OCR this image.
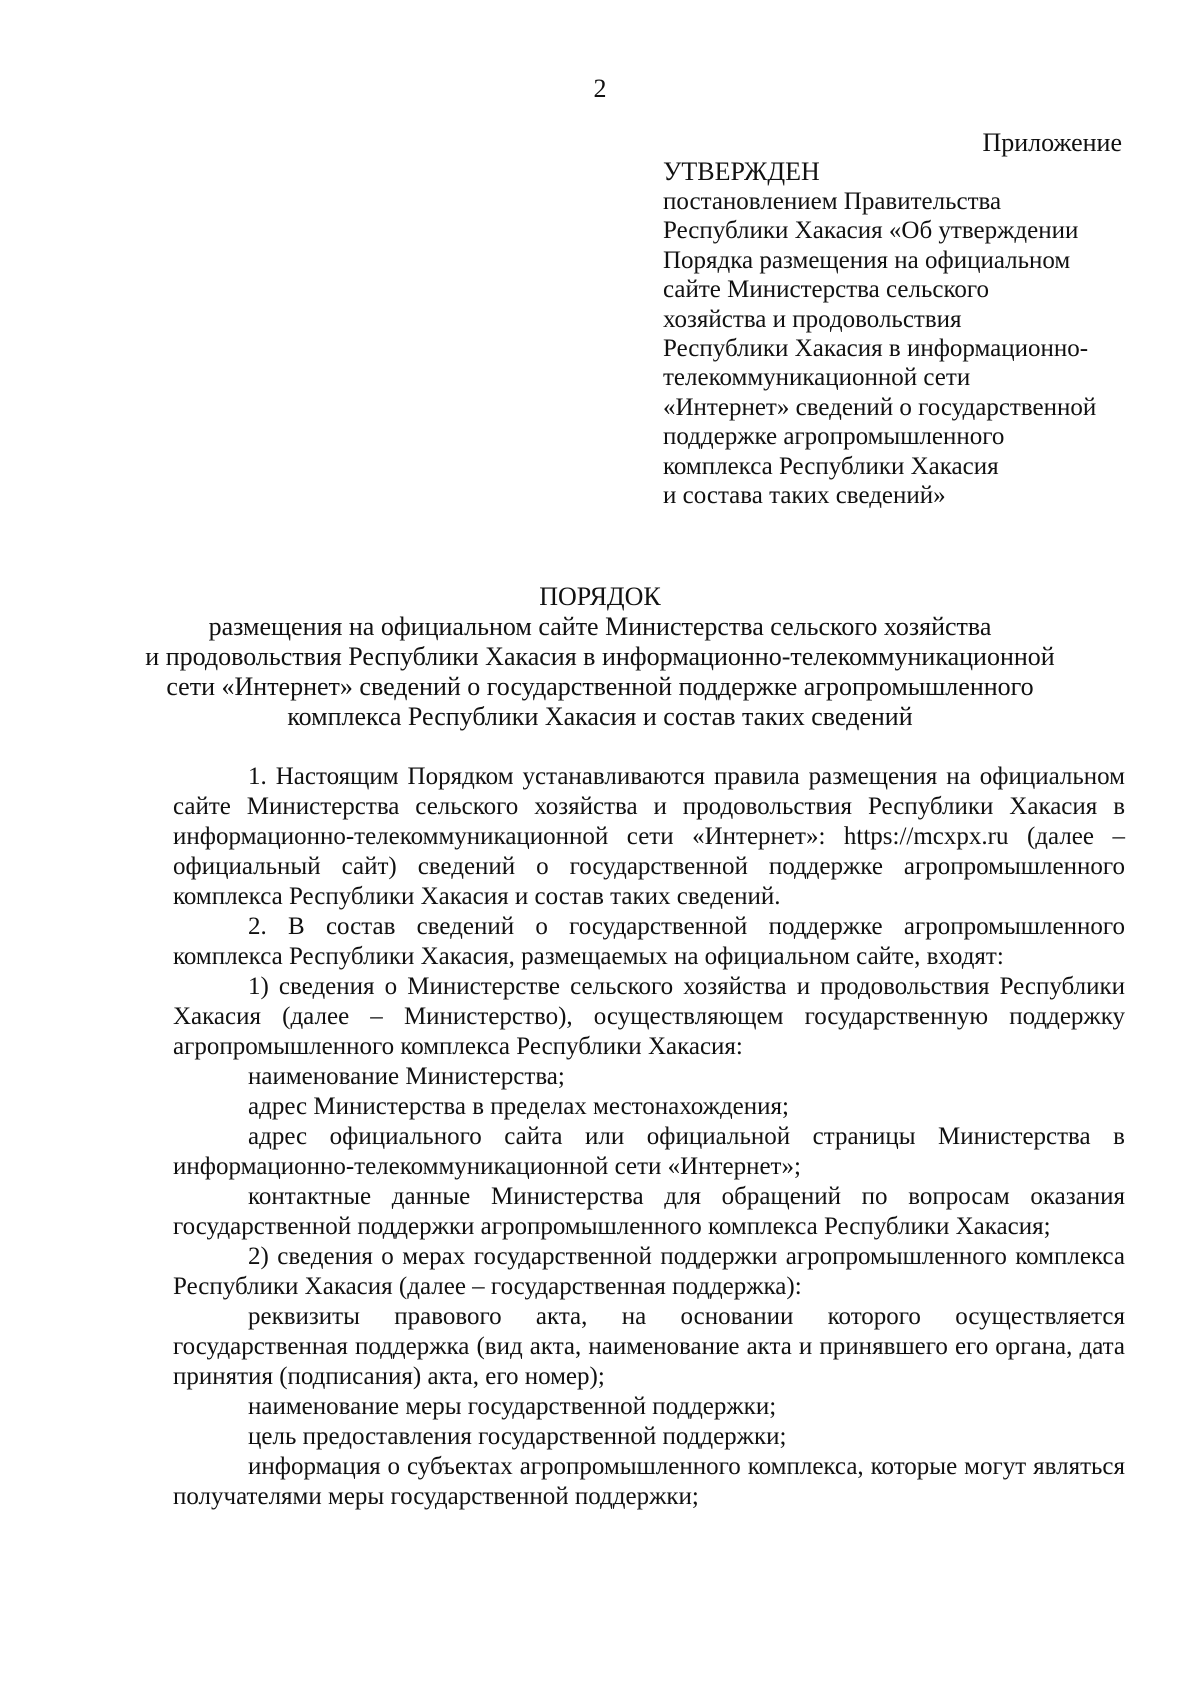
2
Приложение
УТВЕРЖДЕН
постановлением Правительства
Республики Хакасия «Об утверждении
Порядка размещения на официальном
сайте Министерства сельского
хозяйства и продовольствия
Республики Хакасия в информационно-
телекоммуникационной сети
«Интернет» сведений о государственной
поддержке агропромышленного
комплекса Республики Хакасия
и состава таких сведений»
ПОРЯДОК
размещения на официальном сайте Министерства сельского хозяйства
и продовольствия Республики Хакасия в информационно-телекоммуникационной
сети «Интернет» сведений о государственной поддержке агропромышленного
комплекса Республики Хакасия и состав таких сведений

1. Настоящим Порядком устанавливаются правила размещения на официальном сайте Министерства сельского хозяйства и продовольствия Республики Хакасия в информационно-телекоммуникационной сети «Интернет»: https://mcxpx.ru (далее – официальный сайт) сведений о государственной поддержке агропромышленного комплекса Республики Хакасия и состав таких сведений.

2. В состав сведений о государственной поддержке агропромышленного комплекса Республики Хакасия, размещаемых на официальном сайте, входят:

1) сведения о Министерстве сельского хозяйства и продовольствия Республики Хакасия (далее – Министерство), осуществляющем государственную поддержку агропромышленного комплекса Республики Хакасия:

наименование Министерства;

адрес Министерства в пределах местонахождения;

адрес официального сайта или официальной страницы Министерства в информационно-телекоммуникационной сети «Интернет»;

контактные данные Министерства для обращений по вопросам оказания государственной поддержки агропромышленного комплекса Республики Хакасия;

2) сведения о мерах государственной поддержки агропромышленного комплекса Республики Хакасия (далее – государственная поддержка):

реквизиты правового акта, на основании которого осуществляется государственная поддержка (вид акта, наименование акта и принявшего его органа, дата принятия (подписания) акта, его номер);

наименование меры государственной поддержки;

цель предоставления государственной поддержки;

информация о субъектах агропромышленного комплекса, которые могут являться получателями меры государственной поддержки;
